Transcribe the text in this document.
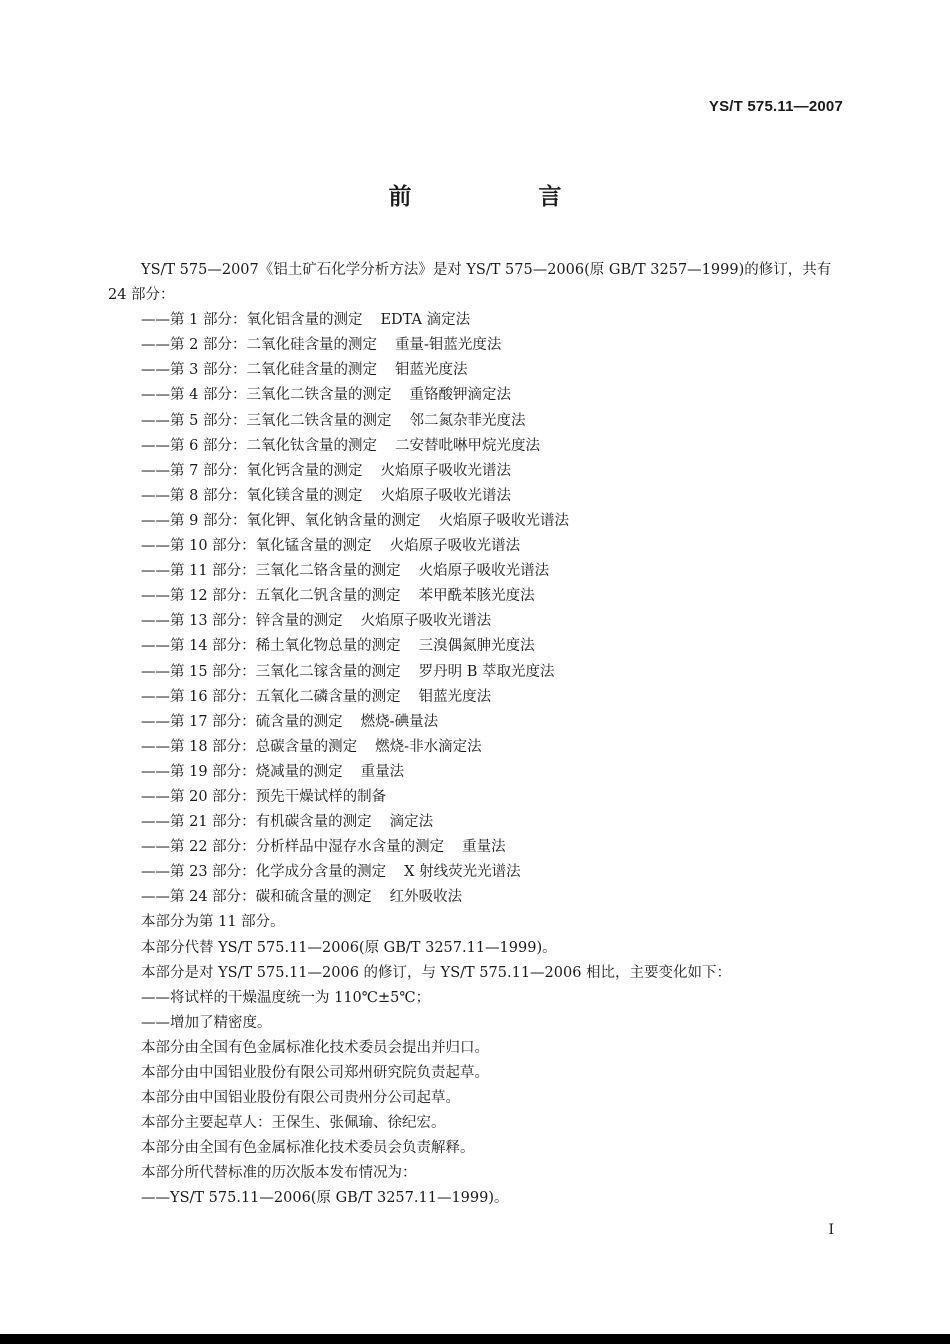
YS/T 575.11—2007
前　言
YS/T 575—2007《铝土矿石化学分析方法》是对 YS/T 575—2006(原 GB/T 3257—1999)的修订，共有 24 部分：
——第 1 部分：氧化铝含量的测定 EDTA 滴定法
——第 2 部分：二氧化硅含量的测定 重量-钼蓝光度法
——第 3 部分：二氧化硅含量的测定 钼蓝光度法
——第 4 部分：三氧化二铁含量的测定 重铬酸钾滴定法
——第 5 部分：三氧化二铁含量的测定 邻二氮杂菲光度法
——第 6 部分：二氧化钛含量的测定 二安替吡啉甲烷光度法
——第 7 部分：氧化钙含量的测定 火焰原子吸收光谱法
——第 8 部分：氧化镁含量的测定 火焰原子吸收光谱法
——第 9 部分：氧化钾、氧化钠含量的测定 火焰原子吸收光谱法
——第 10 部分：氧化锰含量的测定 火焰原子吸收光谱法
——第 11 部分：三氧化二铬含量的测定 火焰原子吸收光谱法
——第 12 部分：五氧化二钒含量的测定 苯甲酰苯胲光度法
——第 13 部分：锌含量的测定 火焰原子吸收光谱法
——第 14 部分：稀土氧化物总量的测定 三溴偶氮胂光度法
——第 15 部分：三氧化二镓含量的测定 罗丹明 B 萃取光度法
——第 16 部分：五氧化二磷含量的测定 钼蓝光度法
——第 17 部分：硫含量的测定 燃烧-碘量法
——第 18 部分：总碳含量的测定 燃烧-非水滴定法
——第 19 部分：烧减量的测定 重量法
——第 20 部分：预先干燥试样的制备
——第 21 部分：有机碳含量的测定 滴定法
——第 22 部分：分析样品中湿存水含量的测定 重量法
——第 23 部分：化学成分含量的测定 X 射线荧光光谱法
——第 24 部分：碳和硫含量的测定 红外吸收法
本部分为第 11 部分。
本部分代替 YS/T 575.11—2006(原 GB/T 3257.11—1999)。
本部分是对 YS/T 575.11—2006 的修订，与 YS/T 575.11—2006 相比，主要变化如下：
——将试样的干燥温度统一为 110℃±5℃；
——增加了精密度。
本部分由全国有色金属标准化技术委员会提出并归口。
本部分由中国铝业股份有限公司郑州研究院负责起草。
本部分由中国铝业股份有限公司贵州分公司起草。
本部分主要起草人：王保生、张佩瑜、徐纪宏。
本部分由全国有色金属标准化技术委员会负责解释。
本部分所代替标准的历次版本发布情况为：
——YS/T 575.11—2006(原 GB/T 3257.11—1999)。
I
